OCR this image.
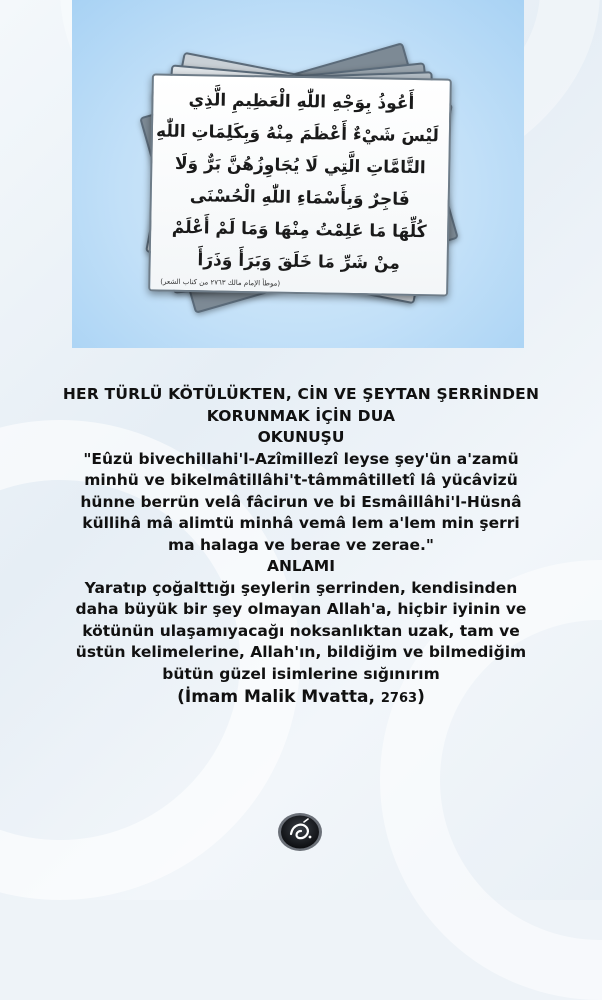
أَعُوذُ بِوَجْهِ اللّٰهِ الْعَظِيمِ الَّذِي
لَيْسَ شَيْءٌ أَعْظَمَ مِنْهُ وَبِكَلِمَاتِ اللّٰهِ
التَّامَّاتِ الَّتِي لَا يُجَاوِزُهُنَّ بَرٌّ وَلَا
فَاجِرٌ وَبِأَسْمَاءِ اللّٰهِ الْحُسْنَى
كُلِّهَا مَا عَلِمْتُ مِنْهَا وَمَا لَمْ أَعْلَمْ
مِنْ شَرِّ مَا خَلَقَ وَبَرَأَ وَذَرَأَ
(موطأ الإمام مالك ٢٧٦٣ من كتاب الشعر)
HER TÜRLÜ KÖTÜLÜKTEN, CİN VE ŞEYTAN ŞERRİNDEN
KORUNMAK İÇİN DUA
OKUNUŞU
"Eûzü bivechillahi'l-Azîmillezî leyse şey'ün a'zamü
minhü ve bikelmâtillâhi't-tâmmâtilletî lâ yücâvizü
hünne berrün velâ fâcirun ve bi Esmâillâhi'l-Hüsnâ
küllihâ mâ alimtü minhâ vemâ lem a'lem min şerri
ma halaga ve berae ve zerae."
ANLAMI
Yaratıp çoğalttığı şeylerin şerrinden, kendisinden
daha büyük bir şey olmayan Allah'a, hiçbir iyinin ve
kötünün ulaşamıyacağı noksanlıktan uzak, tam ve
üstün kelimelerine, Allah'ın, bildiğim ve bilmediğim
bütün güzel isimlerine sığınırım
(İmam Malik Mvatta, 2763)
